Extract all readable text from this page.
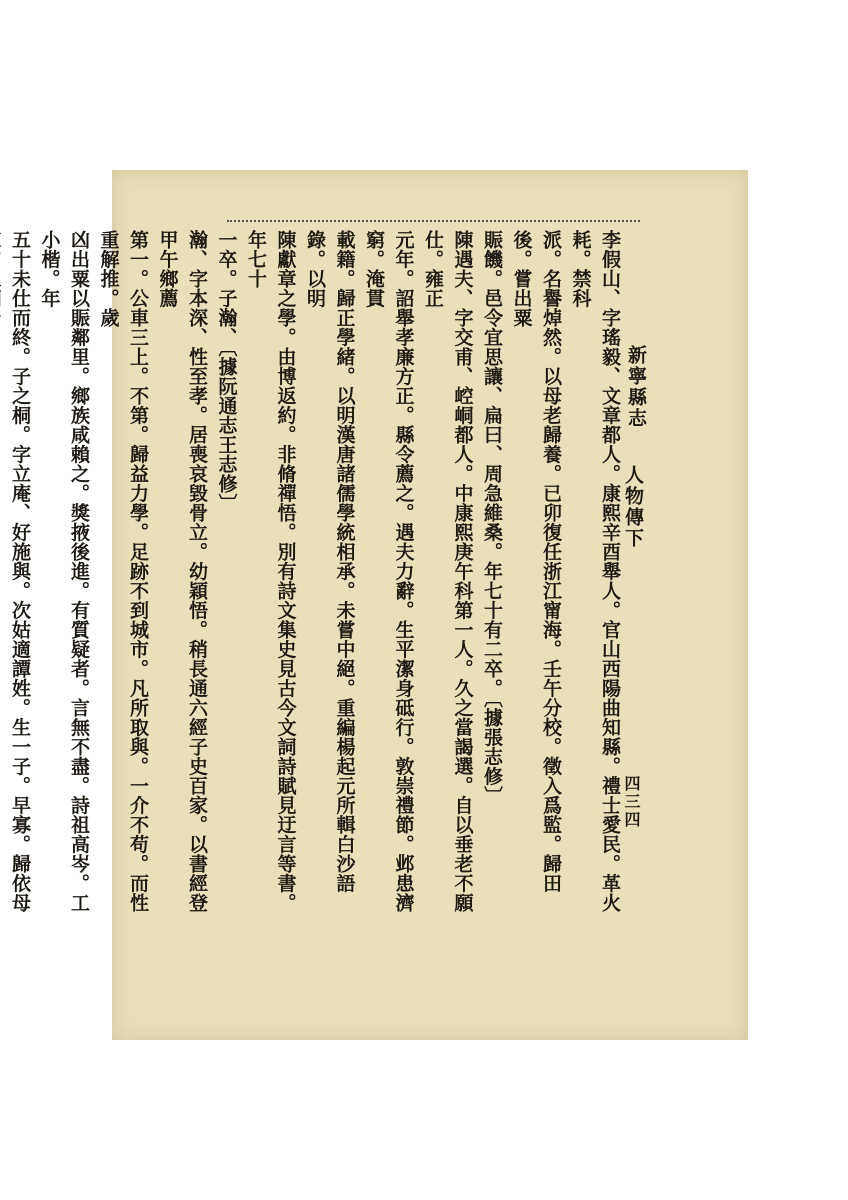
新寧縣志
人物傳下
四三四
李假山、字瑤毅、文章都人。康熙辛酉舉人。官山西陽曲知縣。禮士愛民。革火耗。禁科
派。名譽焯然。以母老歸養。已卯復任浙江甯海。壬午分校。徵入爲監。歸田後。嘗出粟
賑饑。邑令宜思讓、扁曰、周急維桑。年七十有二卒。〔據張志修〕
陳遇夫、字交甫、崆峒都人。中康熙庚午科第一人。久之當謁選。自以垂老不願仕。雍正
元年。詔舉孝廉方正。縣令薦之。遇夫力辭。生平潔身砥行。敦崇禮節。邺患濟窮。淹貫
載籍。歸正學緒。以明漢唐諸儒學統相承。未嘗中絕。重編楊起元所輯白沙語錄。以明
陳獻章之學。由博返約。非脩禪悟。別有詩文集史見古今文詞詩賦見迂言等書。年七十
一卒。子瀚、〔據阮通志王志修〕
瀚、字本深、性至孝。居喪哀毀骨立。幼穎悟。稍長通六經子史百家。以書經登甲午鄉薦
第一。公車三上。不第。歸益力學。足跡不到城市。凡所取與。一介不苟。而性重解推。歲
凶出粟以賑鄰里。鄉族咸賴之。獎掖後進。有質疑者。言無不盡。詩祖高岑。工小楷。年
五十未仕而終。子之桐。字立庵、好施與。次姑適譚姓。生一子。早寡。歸依母
